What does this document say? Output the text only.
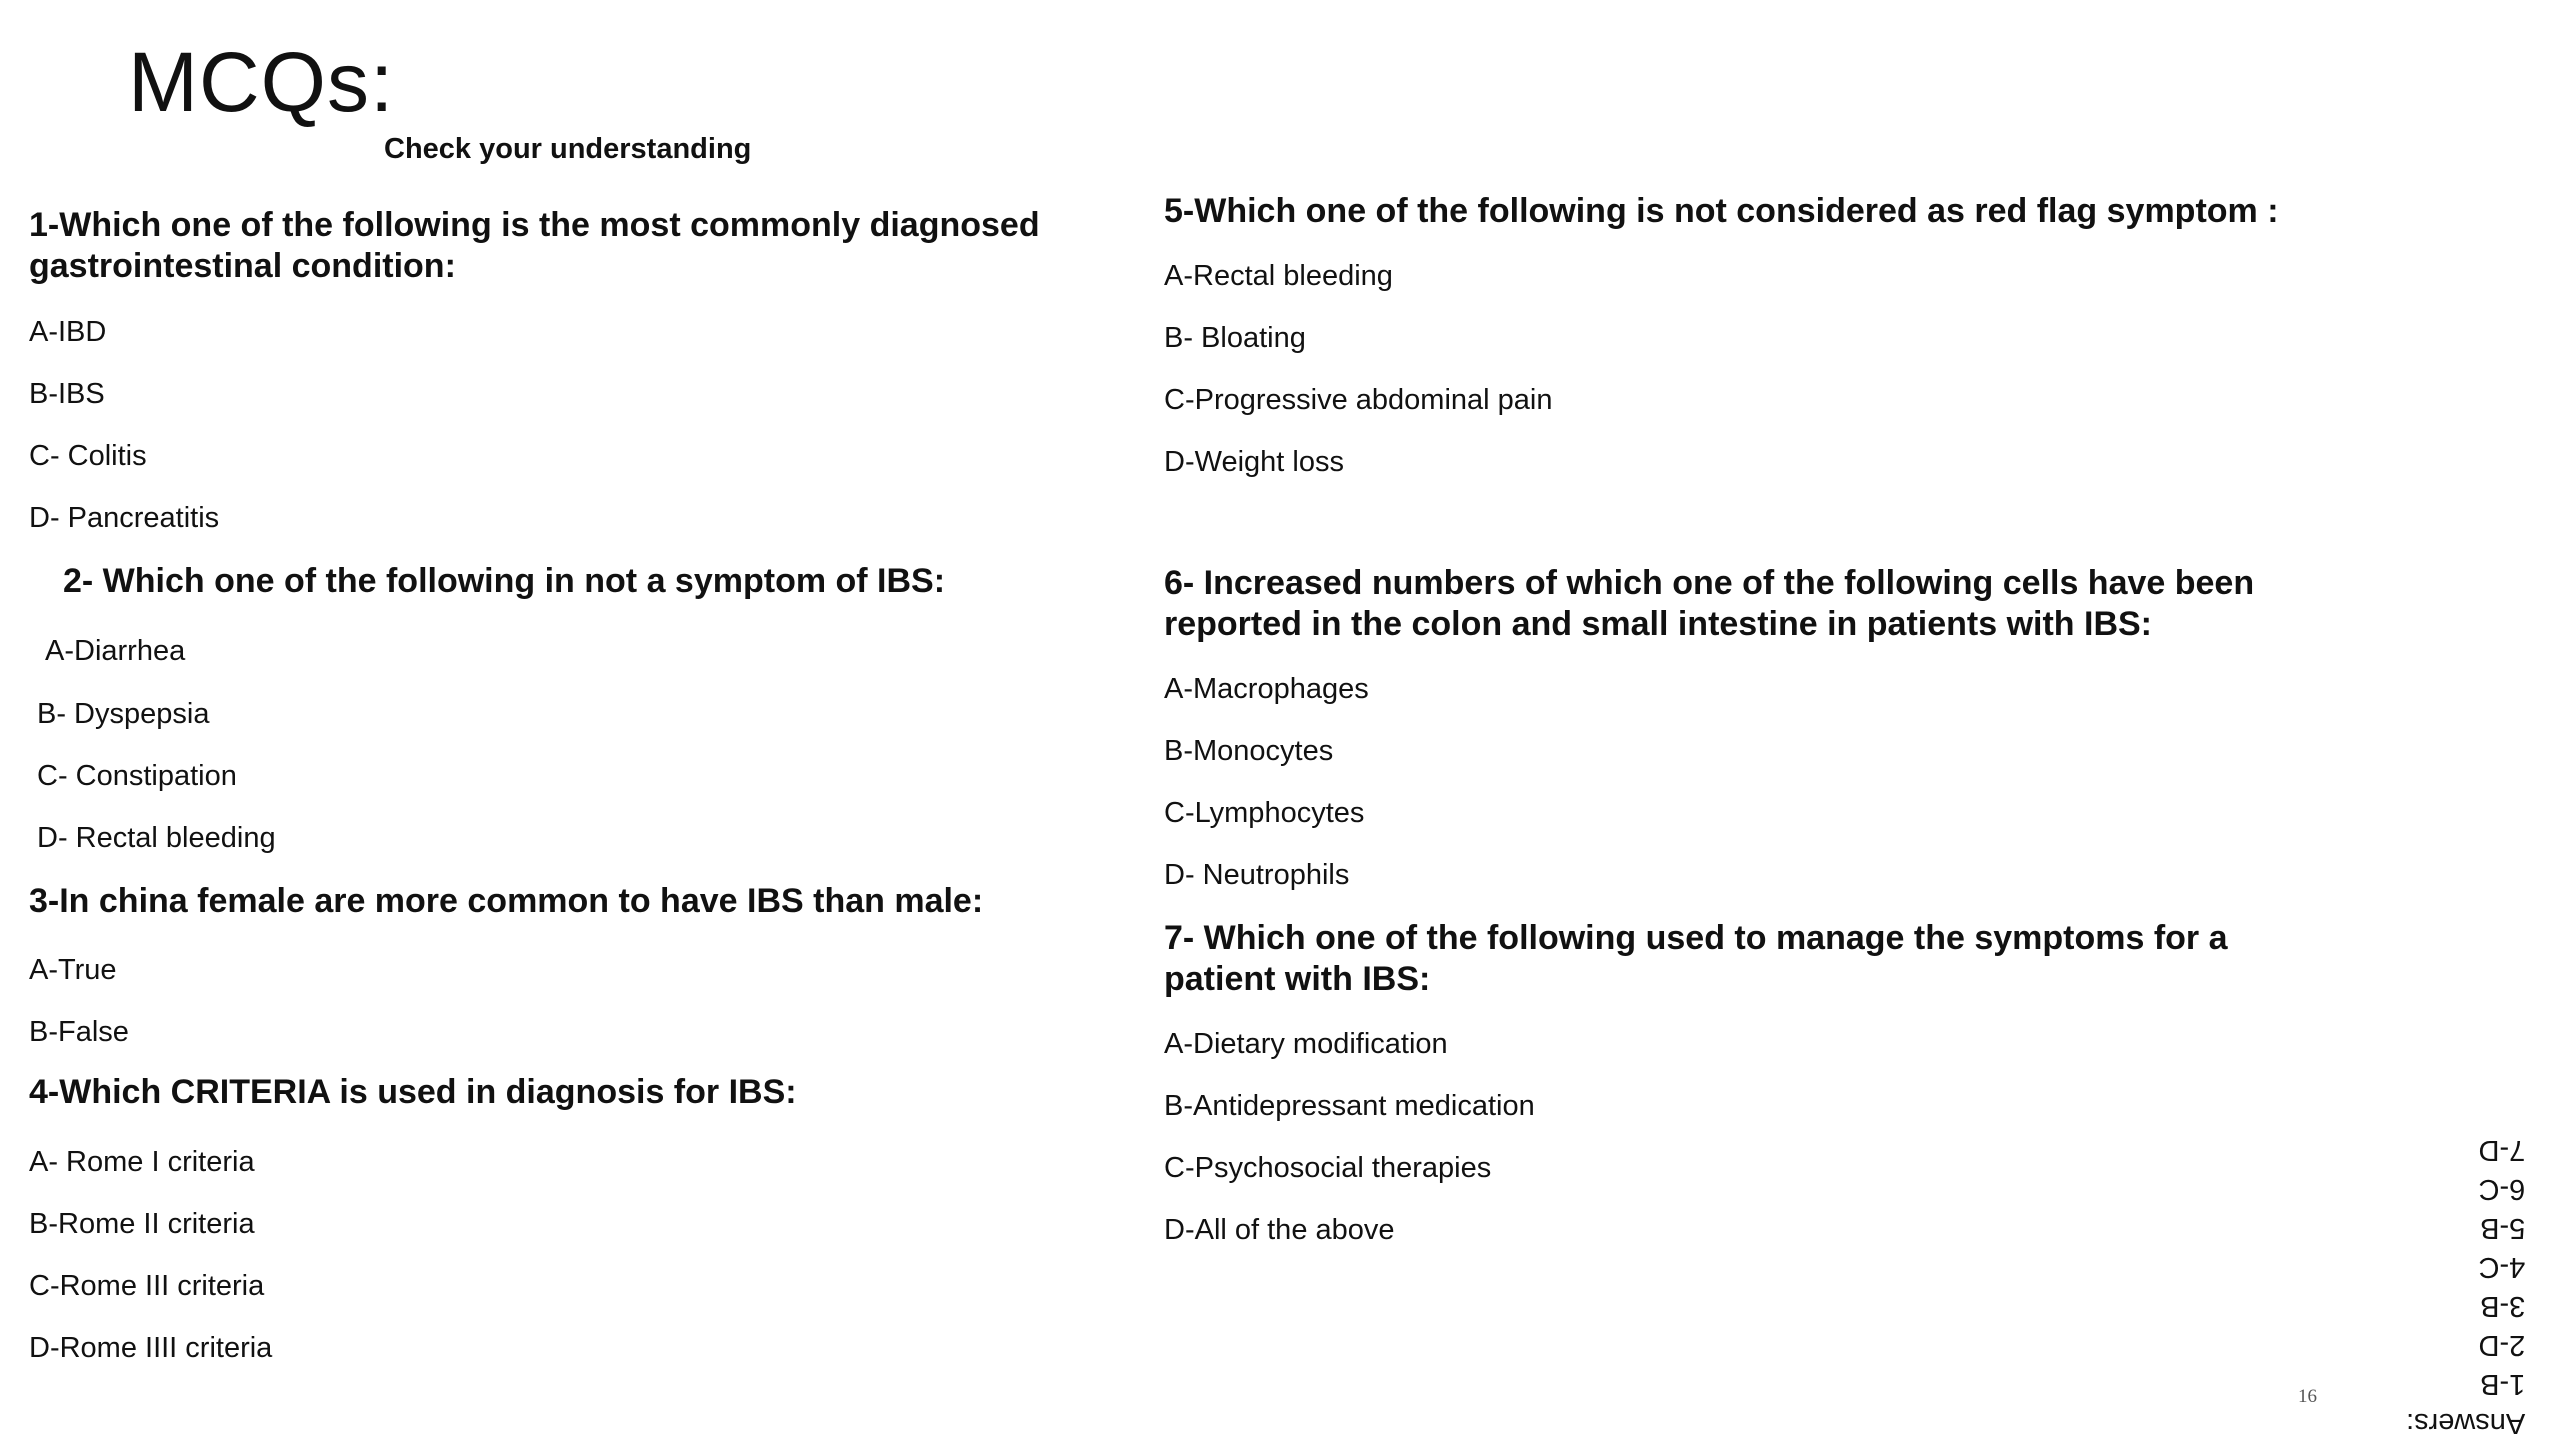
MCQs:
Check your understanding
1-Which one of the following is the most commonly diagnosed gastrointestinal condition:
A-IBD
B-IBS
C- Colitis
D- Pancreatitis
2- Which one of the following in not a symptom of IBS:
A-Diarrhea
B- Dyspepsia
C- Constipation
D- Rectal bleeding
3-In china female are more common to have IBS than male:
A-True
B-False
4-Which CRITERIA is used in diagnosis for IBS:
A- Rome I criteria
B-Rome II criteria
C-Rome III criteria
D-Rome IIII criteria
5-Which one of the following is not considered as red flag symptom :
A-Rectal bleeding
B- Bloating
C-Progressive abdominal pain
D-Weight loss
6- Increased numbers of which one of the following cells have been reported in the colon and small intestine in patients with IBS:
A-Macrophages
B-Monocytes
C-Lymphocytes
D- Neutrophils
7- Which one of the following used to manage the symptoms for a patient with IBS:
A-Dietary modification
B-Antidepressant medication
C-Psychosocial therapies
D-All of the above
Answers:
1-B
2-D
3-B
4-C
5-B
6-C
7-D
16
